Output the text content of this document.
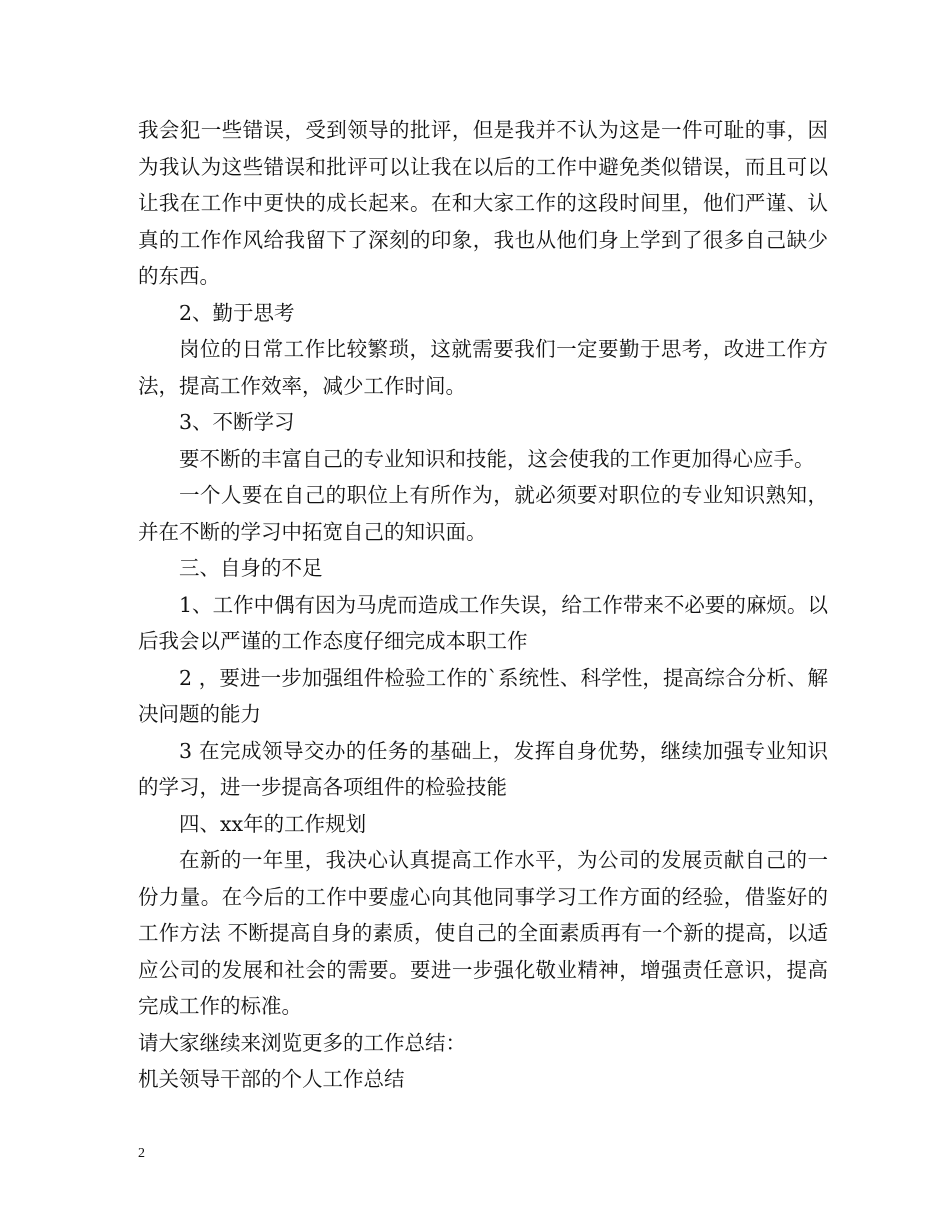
我会犯一些错误，受到领导的批评，但是我并不认为这是一件可耻的事，因为我认为这些错误和批评可以让我在以后的工作中避免类似错误，而且可以让我在工作中更快的成长起来。在和大家工作的这段时间里，他们严谨、认真的工作作风给我留下了深刻的印象，我也从他们身上学到了很多自己缺少的东西。

2、勤于思考

岗位的日常工作比较繁琐，这就需要我们一定要勤于思考，改进工作方法，提高工作效率，减少工作时间。

3、不断学习

要不断的丰富自己的专业知识和技能，这会使我的工作更加得心应手。

一个人要在自己的职位上有所作为，就必须要对职位的专业知识熟知，并在不断的学习中拓宽自己的知识面。

三、自身的不足

1、工作中偶有因为马虎而造成工作失误，给工作带来不必要的麻烦。以后我会以严谨的工作态度仔细完成本职工作

2 ，要进一步加强组件检验工作的`系统性、科学性，提高综合分析、解决问题的能力

3 在完成领导交办的任务的基础上，发挥自身优势，继续加强专业知识的学习，进一步提高各项组件的检验技能

四、xx年的工作规划

在新的一年里，我决心认真提高工作水平，为公司的发展贡献自己的一份力量。在今后的工作中要虚心向其他同事学习工作方面的经验，借鉴好的工作方法 不断提高自身的素质，使自己的全面素质再有一个新的提高，以适应公司的发展和社会的需要。要进一步强化敬业精神，增强责任意识，提高完成工作的标准。

请大家继续来浏览更多的工作总结：

机关领导干部的个人工作总结

2
